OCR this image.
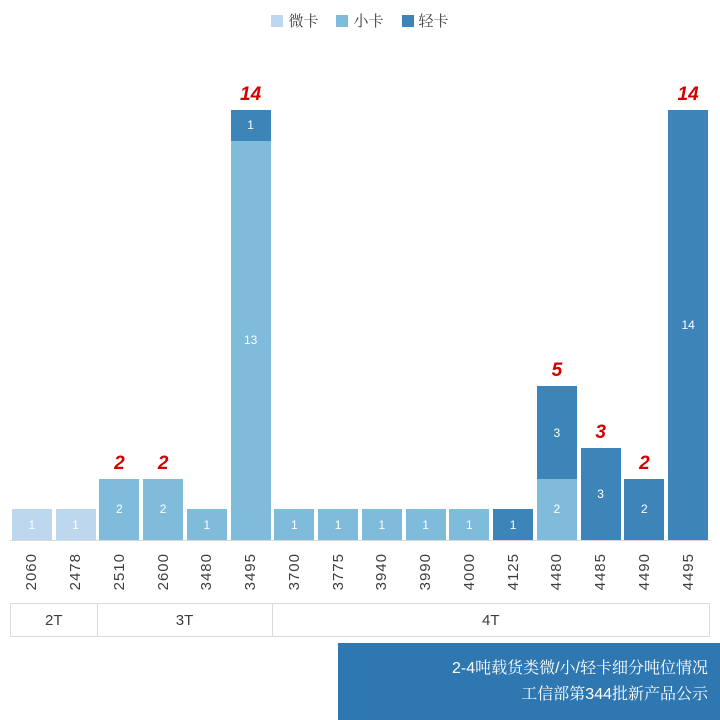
微卡 小卡 轻卡
1	1
2
2
2
2
1
14
1
13
1	1	1	1	1	1
5
3
2
3
3
2
2
14
14
2060 2478 2510 2600 3480 3495 3700 3775 3940 3990 4000 4125 4480 4485 4490 4495
2T	3T	4T
2-4吨载货类微/小/轻卡细分吨位情况
工信部第344批新产品公示
